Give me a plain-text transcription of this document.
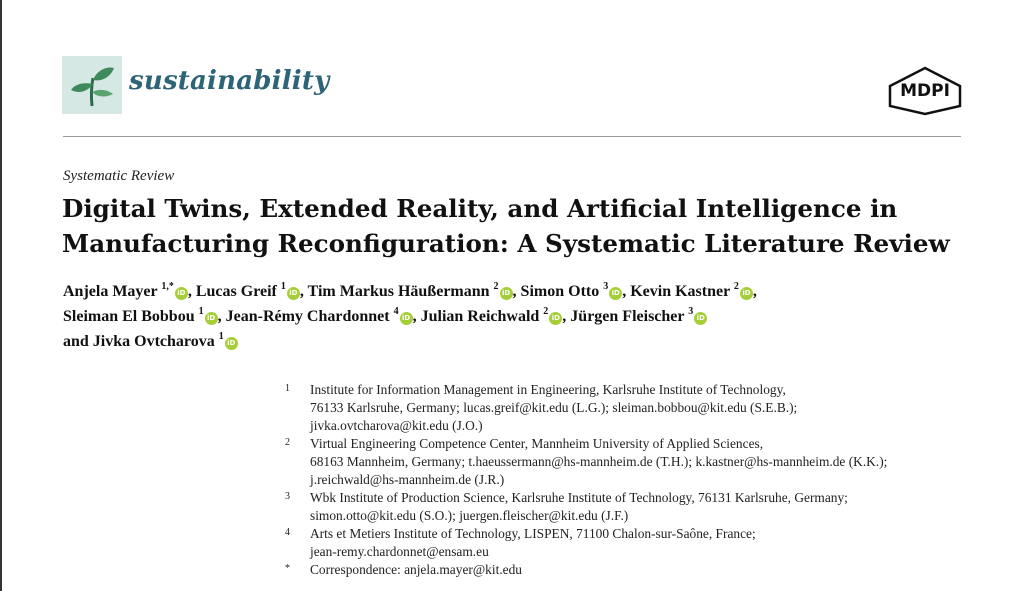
sustainability	MDPI
Systematic Review
Digital Twins, Extended Reality, and Artificial Intelligence in
Manufacturing Reconfiguration: A Systematic Literature Review
Anjela Mayer $^{1,*}$iD , Lucas Greif $^1$iD , Tim Markus Häußermann $^2$iD , Simon Otto $^3$iD , Kevin Kastner $^2$iD ,
Sleiman El Bobbou $^1$iD , Jean-Rémy Chardonnet $^4$iD , Julian Reichwald $^2$iD , Jürgen Fleischer $^3$iD
and Jivka Ovtcharova $^1$iD
1	Institute for Information Management in Engineering, Karlsruhe Institute of Technology,
76133 Karlsruhe, Germany; lucas.greif@kit.edu (L.G.); sleiman.bobbou@kit.edu (S.E.B.);
jivka.ovtcharova@kit.edu (J.O.)
2	Virtual Engineering Competence Center, Mannheim University of Applied Sciences,
68163 Mannheim, Germany; t.haeussermann@hs-mannheim.de (T.H.); k.kastner@hs-mannheim.de (K.K.);
j.reichwald@hs-mannheim.de (J.R.)
3	Wbk Institute of Production Science, Karlsruhe Institute of Technology, 76131 Karlsruhe, Germany;
simon.otto@kit.edu (S.O.); juergen.fleischer@kit.edu (J.F.)
4	Arts et Metiers Institute of Technology, LISPEN, 71100 Chalon-sur-Saône, France;
jean-remy.chardonnet@ensam.eu
*	Correspondence: anjela.mayer@kit.edu
